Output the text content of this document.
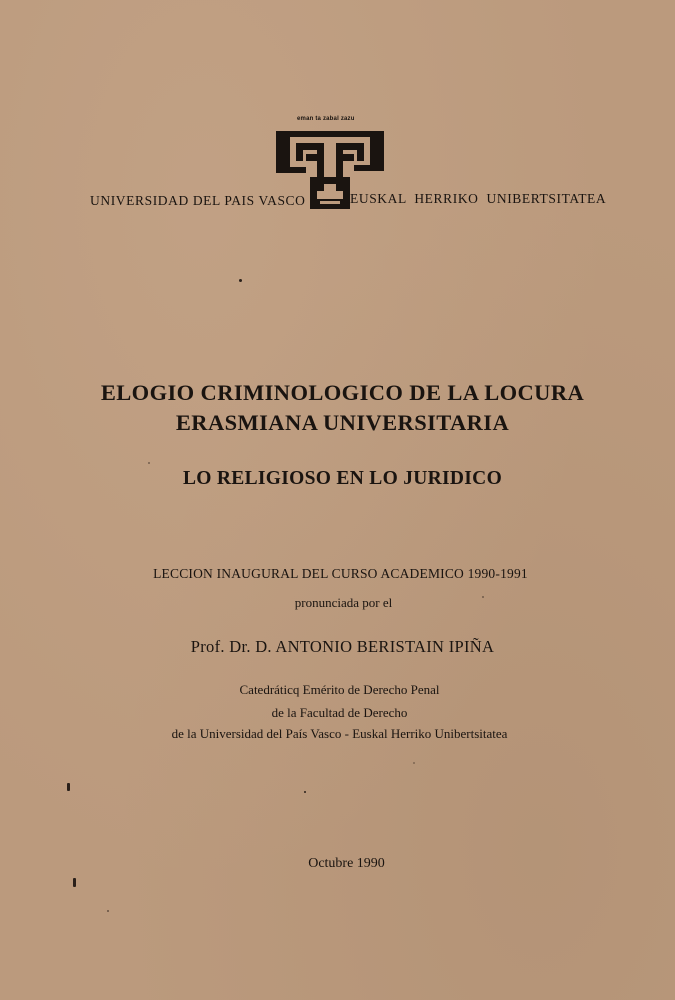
eman ta zabal zazu
UNIVERSIDAD DEL PAIS VASCO	EUSKAL HERRIKO UNIBERTSITATEA
ELOGIO CRIMINOLOGICO DE LA LOCURA
ERASMIANA UNIVERSITARIA
LO RELIGIOSO EN LO JURIDICO
LECCION INAUGURAL DEL CURSO ACADEMICO 1990-1991
pronunciada por el
Prof. Dr. D. ANTONIO BERISTAIN IPIÑA
Catedráticq Emérito de Derecho Penal
de la Facultad de Derecho
de la Universidad del País Vasco - Euskal Herriko Unibertsitatea
Octubre 1990
